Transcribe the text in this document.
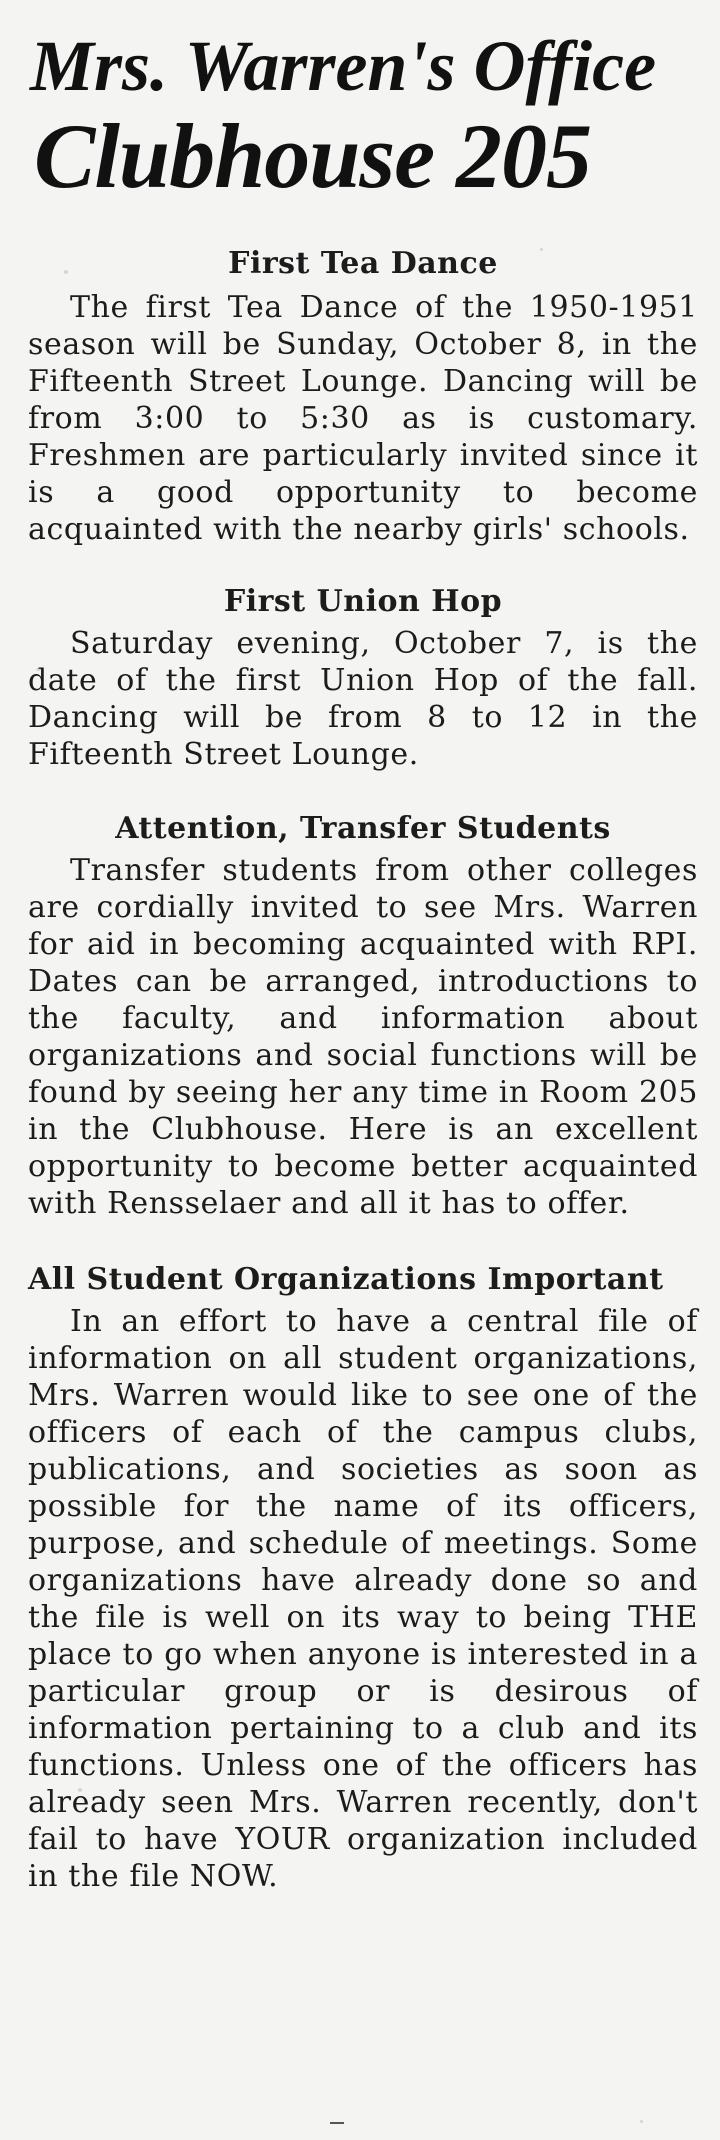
Mrs. Warren's Office
Clubhouse 205
First Tea Dance

The first Tea Dance of the 1950-1951 season will be Sunday, October 8, in the Fifteenth Street Lounge. Dancing will be from 3:00 to 5:30 as is customary. Freshmen are particularly invited since it is a good opportunity to become acquainted with the nearby girls' schools.

First Union Hop

Saturday evening, October 7, is the date of the first Union Hop of the fall. Dancing will be from 8 to 12 in the Fifteenth Street Lounge.

Attention, Transfer Students

Transfer students from other colleges are cordially invited to see Mrs. Warren for aid in becoming acquainted with RPI. Dates can be arranged, introductions to the faculty, and information about organizations and social functions will be found by seeing her any time in Room 205 in the Clubhouse. Here is an excellent opportunity to become better acquainted with Rensselaer and all it has to offer.

All Student Organizations Important

In an effort to have a central file of information on all student organizations, Mrs. Warren would like to see one of the officers of each of the campus clubs, publications, and societies as soon as possible for the name of its officers, purpose, and schedule of meetings. Some organizations have already done so and the file is well on its way to being THE place to go when anyone is interested in a particular group or is desirous of information pertaining to a club and its functions. Unless one of the officers has already seen Mrs. Warren recently, don't fail to have YOUR organization included in the file NOW.
